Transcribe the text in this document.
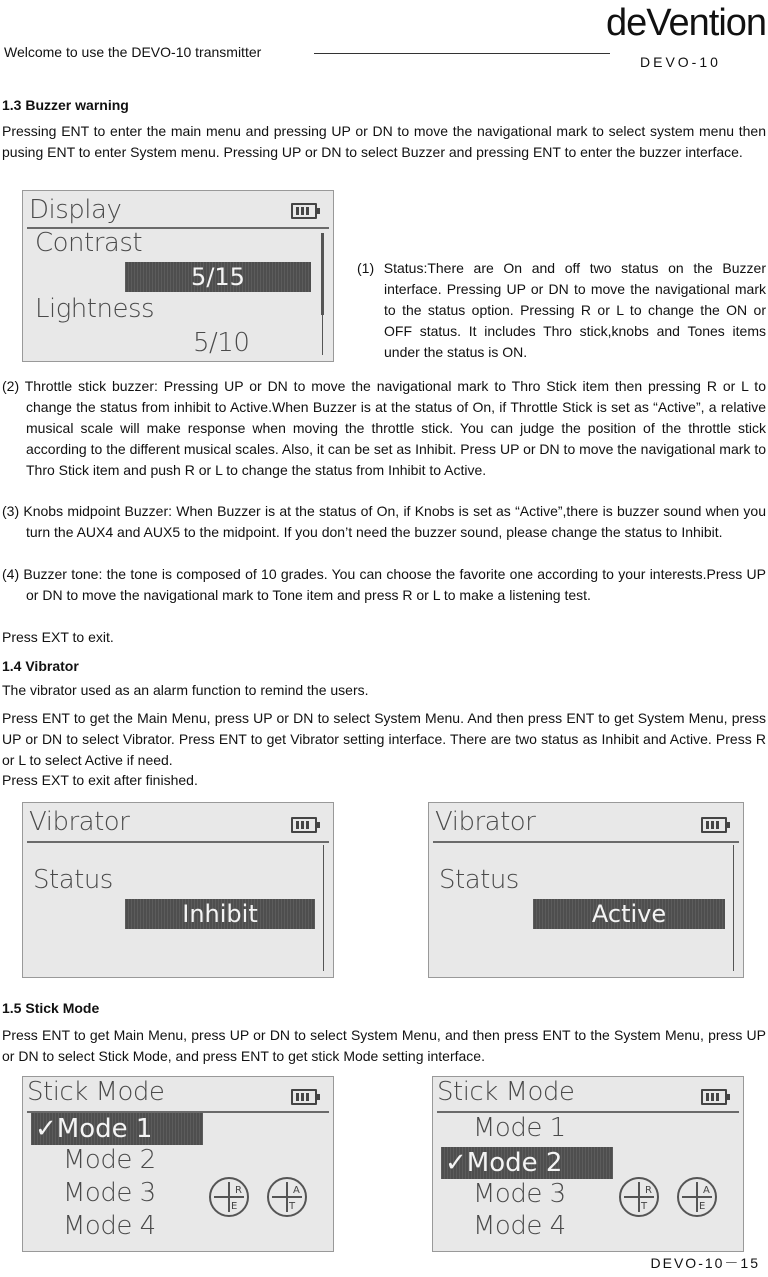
Welcome to use the DEVO-10 transmitter
deVention
DEVO-10
1.3 Buzzer warning

Pressing ENT to enter the main menu and pressing UP or DN to move the navigational mark to select system menu then pusing ENT to enter System menu. Pressing UP or DN to select Buzzer and pressing ENT to enter the buzzer interface.

Display
Contrast
5/15
Lightness
5/10

(1) Status:There are On and off two status on the Buzzer interface. Pressing UP or DN to move the navigational mark to the status option. Pressing R or L to change the ON or OFF status. It includes Thro stick,knobs and Tones items under the status is ON.

(2) Throttle stick buzzer: Pressing UP or DN to move the navigational mark to Thro Stick item then pressing R or L to change the status from inhibit to Active.When Buzzer is at the status of On, if Throttle Stick is set as “Active”, a relative musical scale will make response when moving the throttle stick. You can judge the position of the throttle stick according to the different musical scales. Also, it can be set as Inhibit. Press UP or DN to move the navigational mark to Thro Stick item and push R or L to change the status from Inhibit to Active.

(3) Knobs midpoint Buzzer: When Buzzer is at the status of On, if Knobs is set as “Active”,there is buzzer sound when you turn the AUX4 and AUX5 to the midpoint. If you don’t need the buzzer sound, please change the status to Inhibit.

(4) Buzzer tone: the tone is composed of 10 grades. You can choose the favorite one according to your interests.Press UP or DN to move the navigational mark to Tone item and press R or L to make a listening test.

Press EXT to exit.

1.4 Vibrator

The vibrator used as an alarm function to remind the users.

Press ENT to get the Main Menu, press UP or DN to select System Menu. And then press ENT to get System Menu, press UP or DN to select Vibrator. Press ENT to get Vibrator setting interface. There are two status as Inhibit and Active. Press R or L to select Active if need.

Press EXT to exit after finished.

Vibrator
Status
Inhibit
Vibrator
Status
Active
1.5 Stick Mode

Press ENT to get Main Menu, press UP or DN to select System Menu, and then press ENT to the System Menu, press UP or DN to select Stick Mode, and press ENT to get stick Mode setting interface.

Stick Mode
✓Mode 1
Mode 2
Mode 3
Mode 4
R
E
A
T
Stick Mode
Mode 1
✓Mode 2
Mode 3
Mode 4
R
T
A
E
DEVO-10－15
